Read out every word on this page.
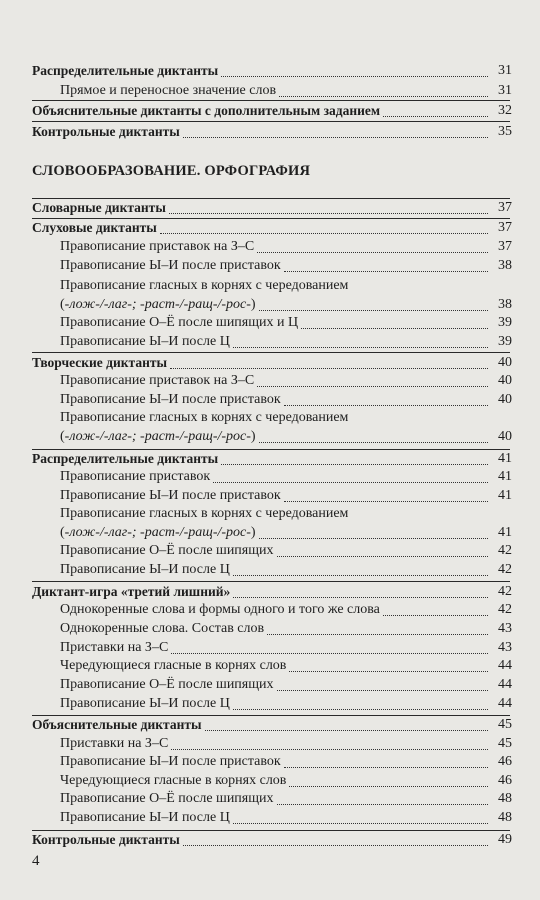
СЛОВООБРАЗОВАНИЕ. ОРФОГРАФИЯ
4
Распределительные диктанты	31
Прямое и переносное значение слов	31
Объяснительные диктанты с дополнительным заданием	32
Контрольные диктанты	35
Словарные диктанты	37
Слуховые диктанты	37
Правописание приставок на З–С	37
Правописание Ы–И после приставок	38
Правописание гласных в корнях с чередованием
(-лож-/-лаг-; -раст-/-ращ-/-рос-)	38
Правописание О–Ё после шипящих и Ц	39
Правописание Ы–И после Ц	39
Творческие диктанты	40
Правописание приставок на З–С	40
Правописание Ы–И после приставок	40
Правописание гласных в корнях с чередованием
(-лож-/-лаг-; -раст-/-ращ-/-рос-)	40
Распределительные диктанты	41
Правописание приставок	41
Правописание Ы–И после приставок	41
Правописание гласных в корнях с чередованием
(-лож-/-лаг-; -раст-/-ращ-/-рос-)	41
Правописание О–Ё после шипящих	42
Правописание Ы–И после Ц	42
Диктант-игра «третий лишний»	42
Однокоренные слова и формы одного и того же слова	42
Однокоренные слова. Состав слов	43
Приставки на З–С	43
Чередующиеся гласные в корнях слов	44
Правописание О–Ё после шипящих	44
Правописание Ы–И после Ц	44
Объяснительные диктанты	45
Приставки на З–С	45
Правописание Ы–И после приставок	46
Чередующиеся гласные в корнях слов	46
Правописание О–Ё после шипящих	48
Правописание Ы–И после Ц	48
Контрольные диктанты	49
